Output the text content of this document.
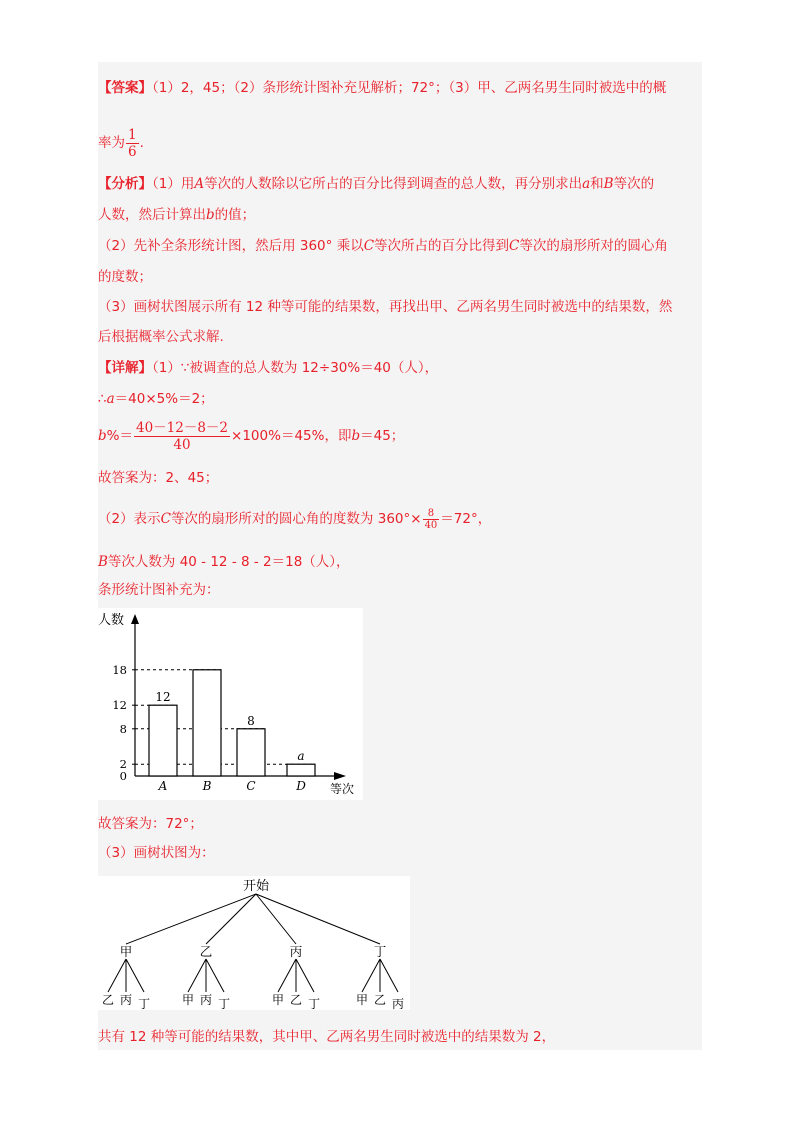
【答案】（1）2，45；（2）条形统计图补充见解析；72°；（3）甲、乙两名男生同时被选中的概
率为 $\frac{1}{6}$ .
【分析】（1）用A等次的人数除以它所占的百分比得到调查的总人数，再分别求出a和B等次的
人数，然后计算出b的值；
（2）先补全条形统计图，然后用 360° 乘以C等次所占的百分比得到C等次的扇形所对的圆心角
的度数；
（3）画树状图展示所有 12 种等可能的结果数，再找出甲、乙两名男生同时被选中的结果数，然
后根据概率公式求解.
【详解】（1）∵被调查的总人数为 12÷30%＝40（人），
∴a＝40×5%＝2；
$b\%= \frac{40-12-8-2}{40} \times 100\%=45\%$，即b＝45；
故答案为：2、45；
（2）表示C等次的扇形所对的圆心角的度数为 $360^\circ\times \frac{8}{40} =72^\circ$，
B等次人数为 40 - 12 - 8 - 2＝18（人），
条形统计图补充为：
人数
等次
0
2
8
12
18
A
12
B	C
8
D
a
故答案为：72°；
（3）画树状图为：
开始
甲
乙 丙 丁
乙
甲 丙 丁
丙
甲 乙 丁
丁
甲 乙 丙
共有 12 种等可能的结果数，其中甲、乙两名男生同时被选中的结果数为 2，
